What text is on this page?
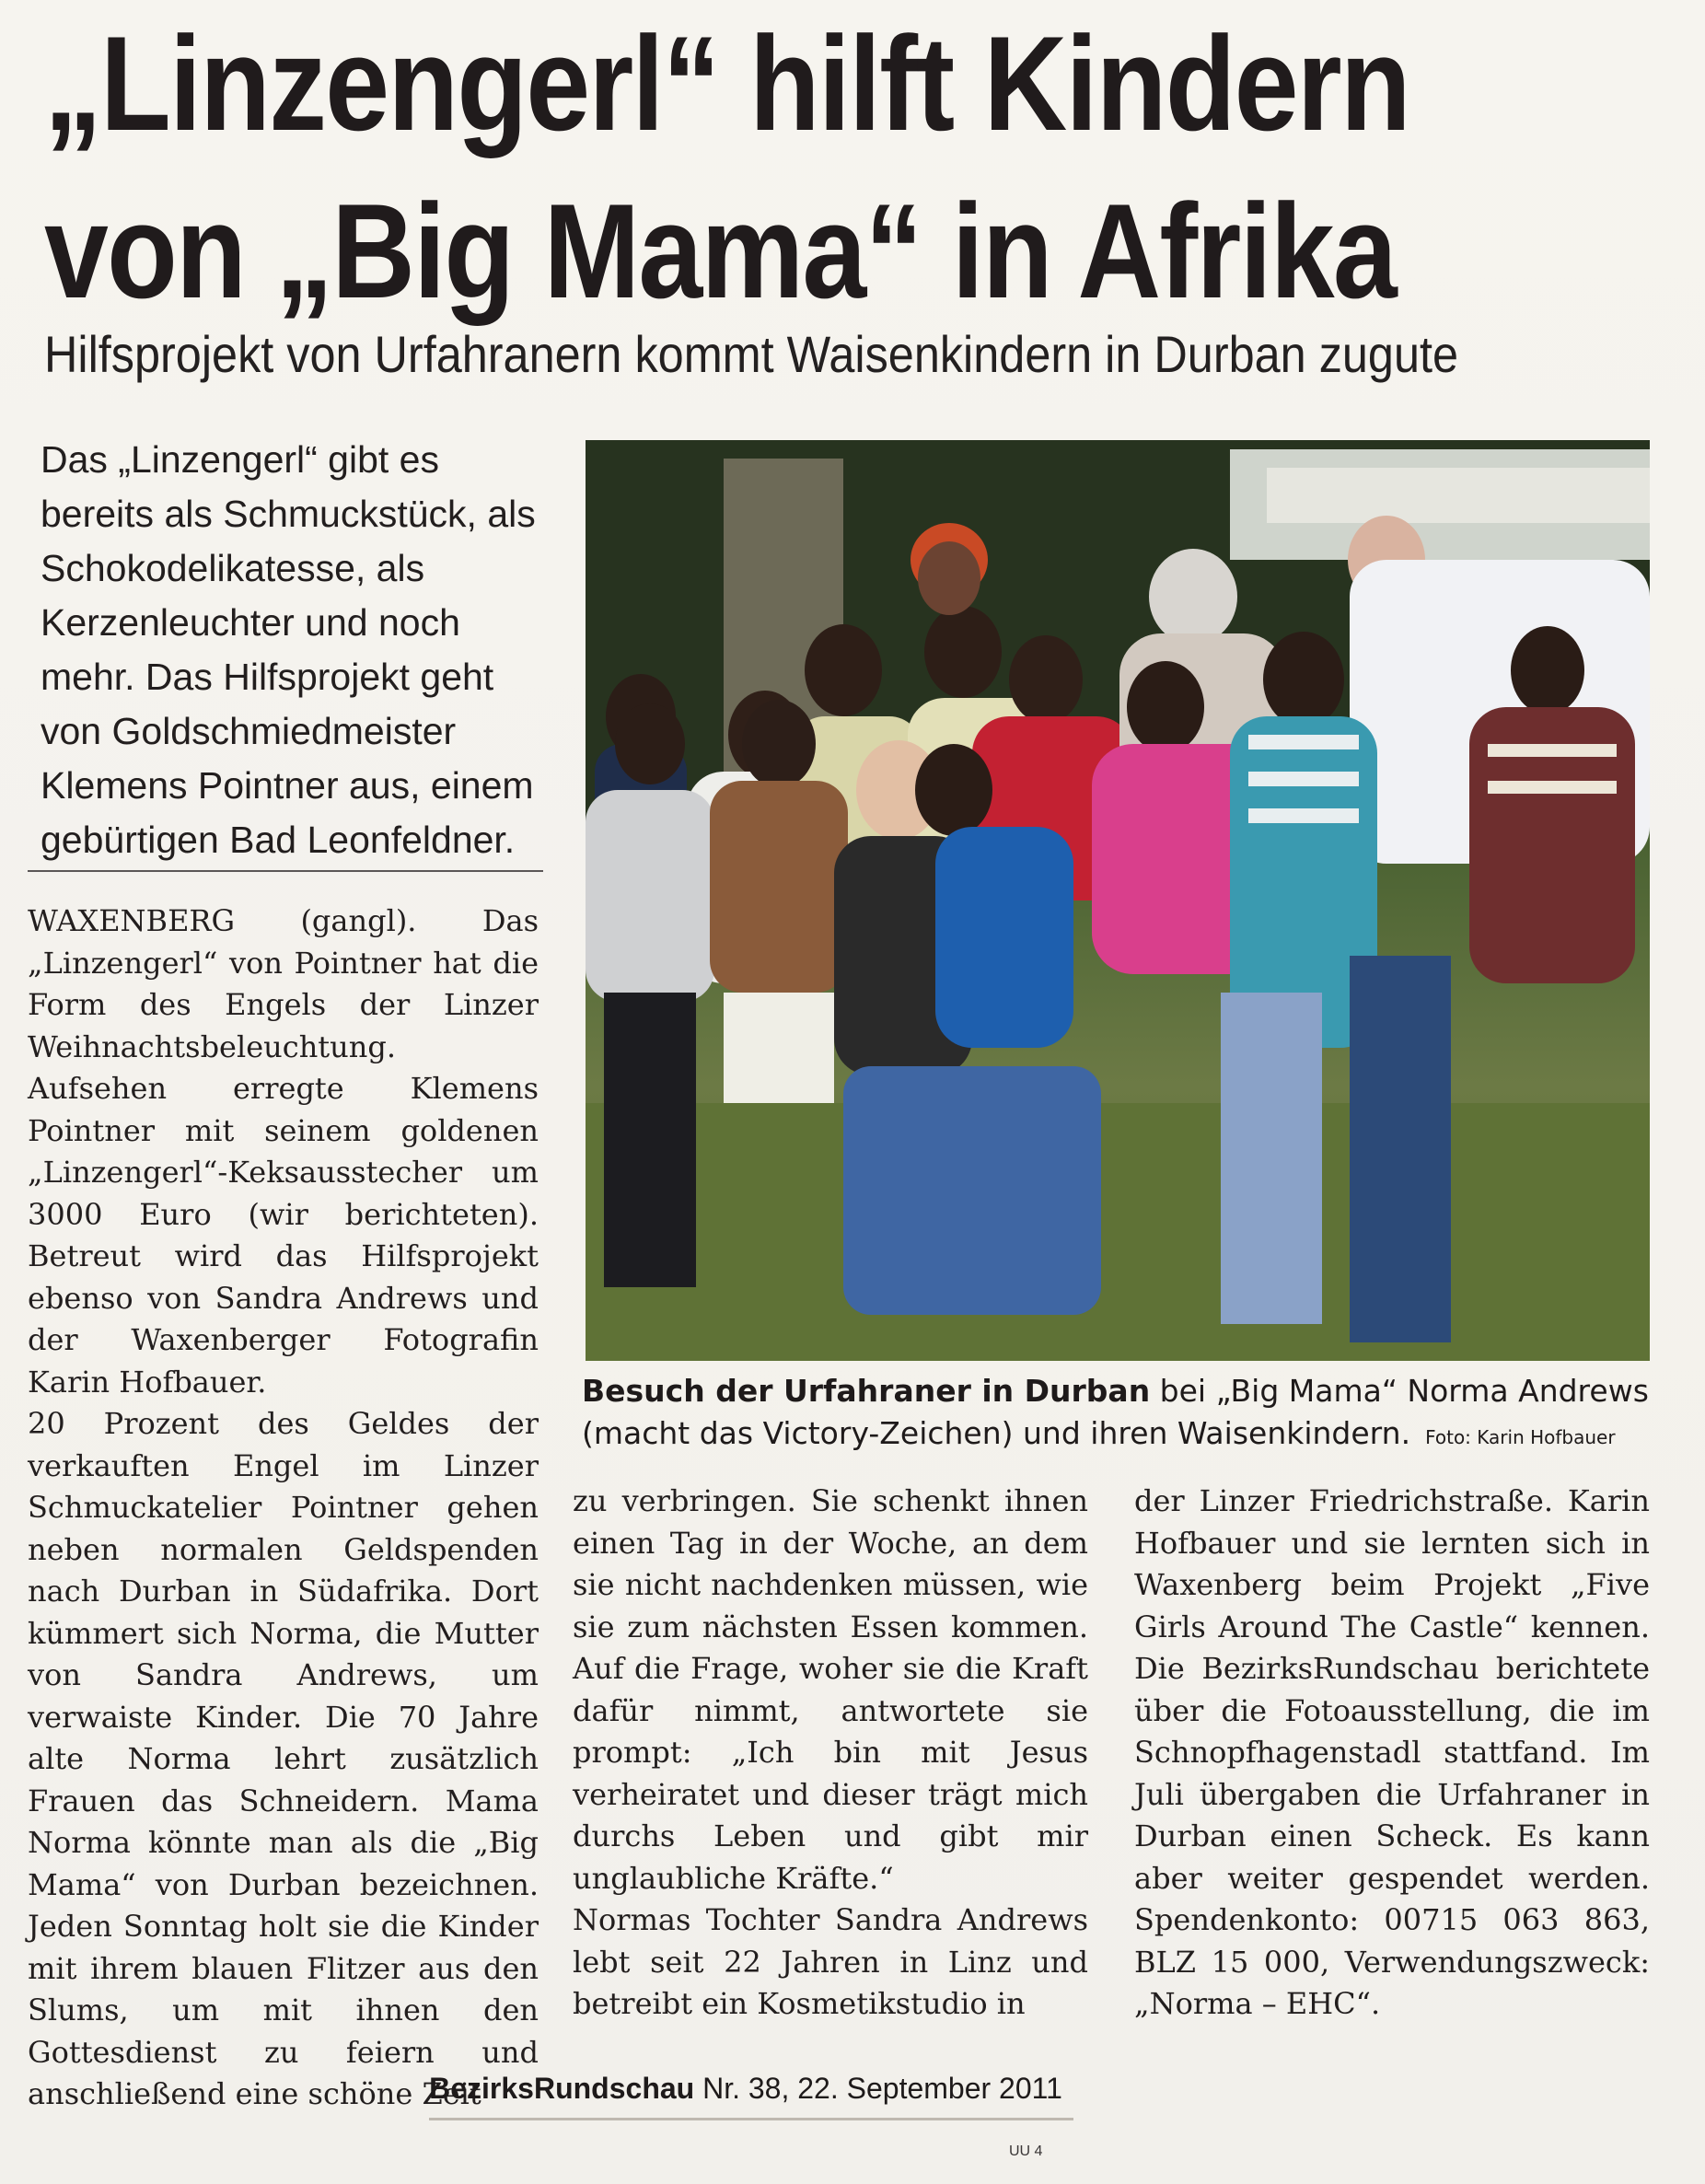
„Linzengerl“ hilft Kindern
von „Big Mama“ in Afrika
Hilfsprojekt von Urfahranern kommt Waisenkindern in Durban zugute
Das „Linzengerl“ gibt es bereits als Schmuckstück, als Schokodelikatesse, als Kerzenleuchter und noch mehr. Das Hilfsprojekt geht von Goldschmiedmeister Klemens Pointner aus, einem gebürtigen Bad Leonfeldner.

WAXENBERG (gangl). Das „Linzengerl“ von Pointner hat die Form des Engels der Linzer Weihnachtsbeleuchtung. Aufsehen erregte Klemens Pointner mit seinem goldenen „Linzengerl“-Keksausstecher um 3000 Euro (wir berichteten). Betreut wird das Hilfsprojekt ebenso von Sandra Andrews und der Waxenberger Fotografin Karin Hofbauer.

20 Prozent des Geldes der verkauften Engel im Linzer Schmuckatelier Pointner gehen neben normalen Geldspenden nach Durban in Südafrika. Dort kümmert sich Norma, die Mutter von Sandra Andrews, um verwaiste Kinder. Die 70 Jahre alte Norma lehrt zusätzlich Frauen das Schneidern. Mama Norma könnte man als die „Big Mama“ von Durban bezeichnen. Jeden Sonntag holt sie die Kinder mit ihrem blauen Flitzer aus den Slums, um mit ihnen den Gottesdienst zu feiern und anschließend eine schöne Zeit

Besuch der Urfahraner in Durban bei „Big Mama“ Norma Andrews (macht das Victory-Zeichen) und ihren Waisenkindern. Foto: Karin Hofbauer

zu verbringen. Sie schenkt ihnen einen Tag in der Woche, an dem sie nicht nachdenken müssen, wie sie zum nächsten Essen kommen. Auf die Frage, woher sie die Kraft dafür nimmt, antwortete sie prompt: „Ich bin mit Jesus verheiratet und dieser trägt mich durchs Leben und gibt mir unglaubliche Kräfte.“

Normas Tochter Sandra Andrews lebt seit 22 Jahren in Linz und betreibt ein Kosmetikstudio in

der Linzer Friedrichstraße. Karin Hofbauer und sie lernten sich in Waxenberg beim Projekt „Five Girls Around The Castle“ kennen. Die BezirksRundschau berichtete über die Fotoausstellung, die im Schnopfhagenstadl stattfand. Im Juli übergaben die Urfahraner in Durban einen Scheck. Es kann aber weiter gespendet werden. Spendenkonto: 00715 063 863, BLZ 15 000, Verwendungszweck: „Norma – EHC“.

BezirksRundschau Nr. 38, 22. September 2011
UU 4
